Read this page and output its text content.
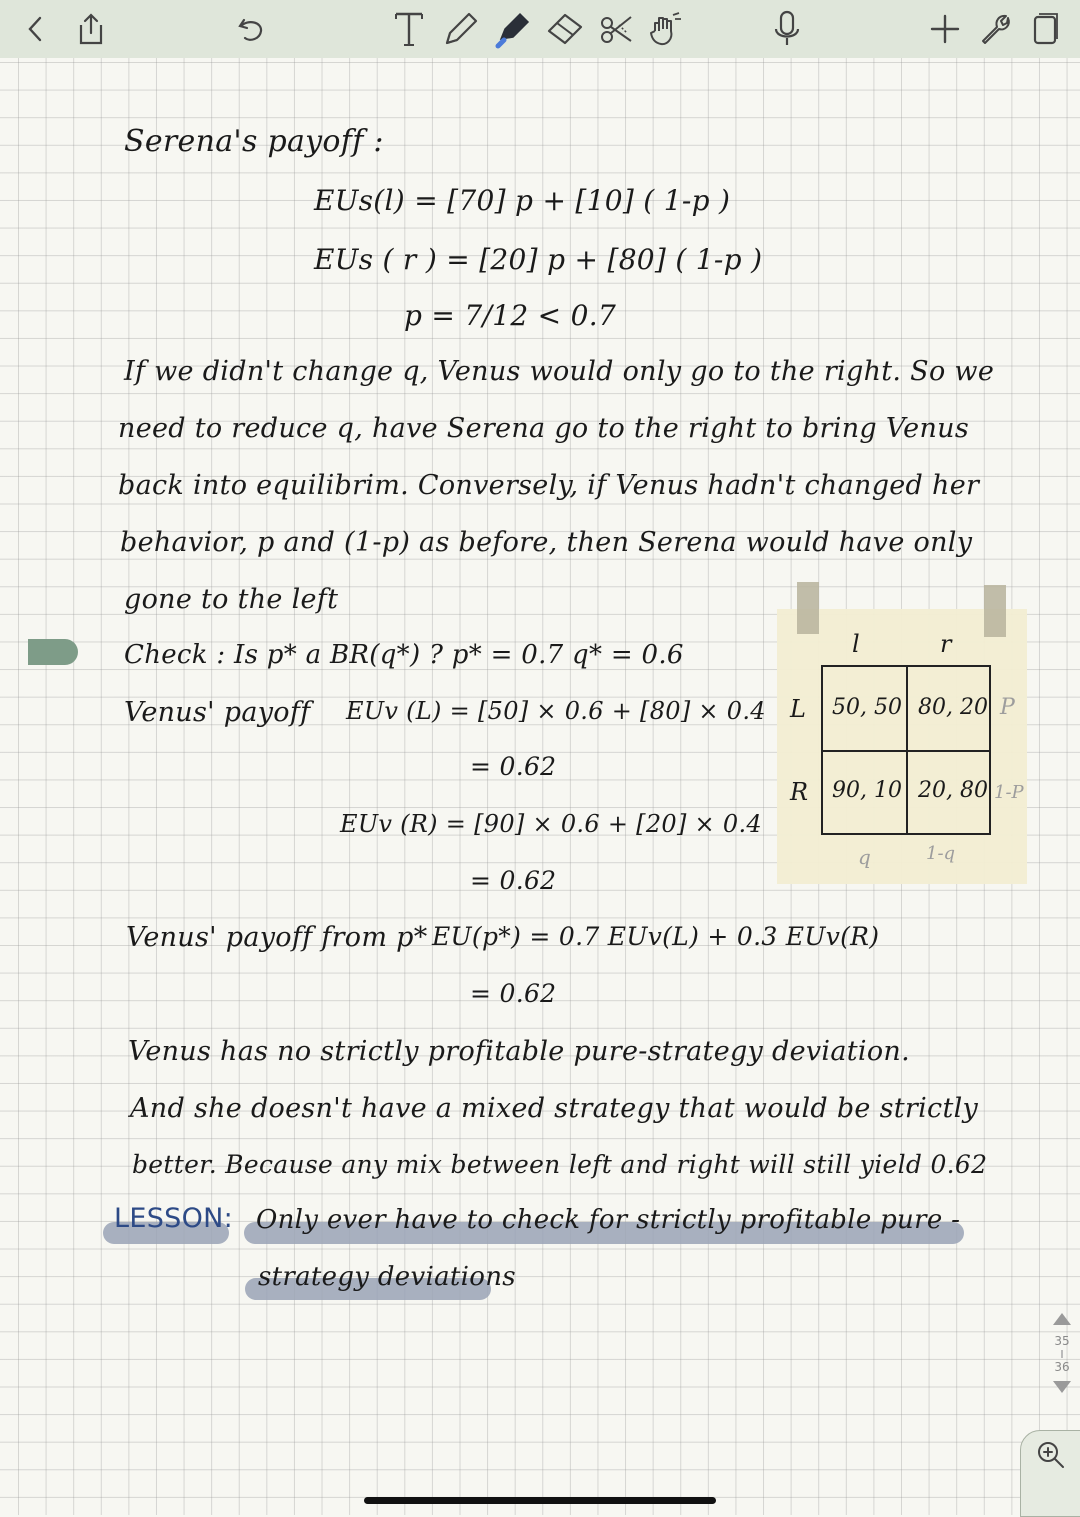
Serena's payoff :
EUs(l) = [70] p + [10] ( 1-p )
EUs ( r ) = [20] p + [80] ( 1-p )
p = 7/12 < 0.7
If we didn't change q, Venus would only go to the right. So we
need to reduce q, have Serena go to the right to bring Venus
back into equilibrim. Conversely, if Venus hadn't changed her
behavior, p and (1-p) as before, then Serena would have only
gone to the left
Check : Is p* a BR(q*) ? p* = 0.7 q* = 0.6
Venus' payoff EUv (L) = [50] × 0.6 + [80] × 0.4
= 0.62
EUv (R) = [90] × 0.6 + [20] × 0.4
= 0.62
Venus' payoff from p* EU(p*) = 0.7 EUv(L) + 0.3 EUv(R)
= 0.62
Venus has no strictly profitable pure-strategy deviation.
And she doesn't have a mixed strategy that would be strictly
better. Because any mix between left and right will still yield 0.62
LESSON: Only ever have to check for strictly profitable pure -
strategy deviations
l	r
L
R
50, 50 80, 20
90, 10 20, 80
P
1-P
q	1-q
35
36
